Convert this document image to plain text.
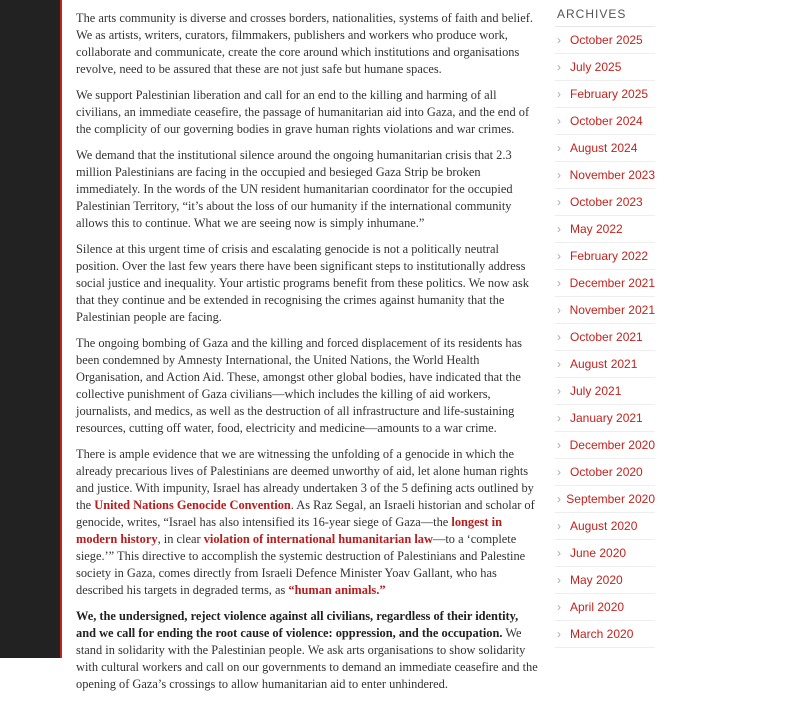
The arts community is diverse and crosses borders, nationalities, systems of faith and belief. We as artists, writers, curators, filmmakers, publishers and workers who produce work, collaborate and communicate, create the core around which institutions and organisations revolve, need to be assured that these are not just safe but humane spaces.

We support Palestinian liberation and call for an end to the killing and harming of all civilians, an immediate ceasefire, the passage of humanitarian aid into Gaza, and the end of the complicity of our governing bodies in grave human rights violations and war crimes.

We demand that the institutional silence around the ongoing humanitarian crisis that 2.3 million Palestinians are facing in the occupied and besieged Gaza Strip be broken immediately. In the words of the UN resident humanitarian coordinator for the occupied Palestinian Territory, “it’s about the loss of our humanity if the international community allows this to continue. What we are seeing now is simply inhumane.”

Silence at this urgent time of crisis and escalating genocide is not a politically neutral position. Over the last few years there have been significant steps to institutionally address social justice and inequality. Your artistic programs benefit from these politics. We now ask that they continue and be extended in recognising the crimes against humanity that the Palestinian people are facing.

The ongoing bombing of Gaza and the killing and forced displacement of its residents has been condemned by Amnesty International, the United Nations, the World Health Organisation, and Action Aid. These, amongst other global bodies, have indicated that the collective punishment of Gaza civilians—which includes the killing of aid workers, journalists, and medics, as well as the destruction of all infrastructure and life-sustaining resources, cutting off water, food, electricity and medicine—amounts to a war crime.

There is ample evidence that we are witnessing the unfolding of a genocide in which the already precarious lives of Palestinians are deemed unworthy of aid, let alone human rights and justice. With impunity, Israel has already undertaken 3 of the 5 defining acts outlined by the United Nations Genocide Convention. As Raz Segal, an Israeli historian and scholar of genocide, writes, “Israel has also intensified its 16-year siege of Gaza—the longest in modern history, in clear violation of international humanitarian law—to a ‘complete siege.’” This directive to accomplish the systemic destruction of Palestinians and Palestine society in Gaza, comes directly from Israeli Defence Minister Yoav Gallant, who has described his targets in degraded terms, as “human animals.”

We, the undersigned, reject violence against all civilians, regardless of their identity, and we call for ending the root cause of violence: oppression, and the occupation. We stand in solidarity with the Palestinian people. We ask arts organisations to show solidarity with cultural workers and call on our governments to demand an immediate ceasefire and the opening of Gaza’s crossings to allow humanitarian aid to enter unhindered.

ARCHIVES
› October 2025
› July 2025
› February 2025
› October 2024
› August 2024
› November 2023
› October 2023
› May 2022
› February 2022
› December 2021
› November 2021
› October 2021
› August 2021
› July 2021
› January 2021
› December 2020
› October 2020
› September 2020
› August 2020
› June 2020
› May 2020
› April 2020
› March 2020
